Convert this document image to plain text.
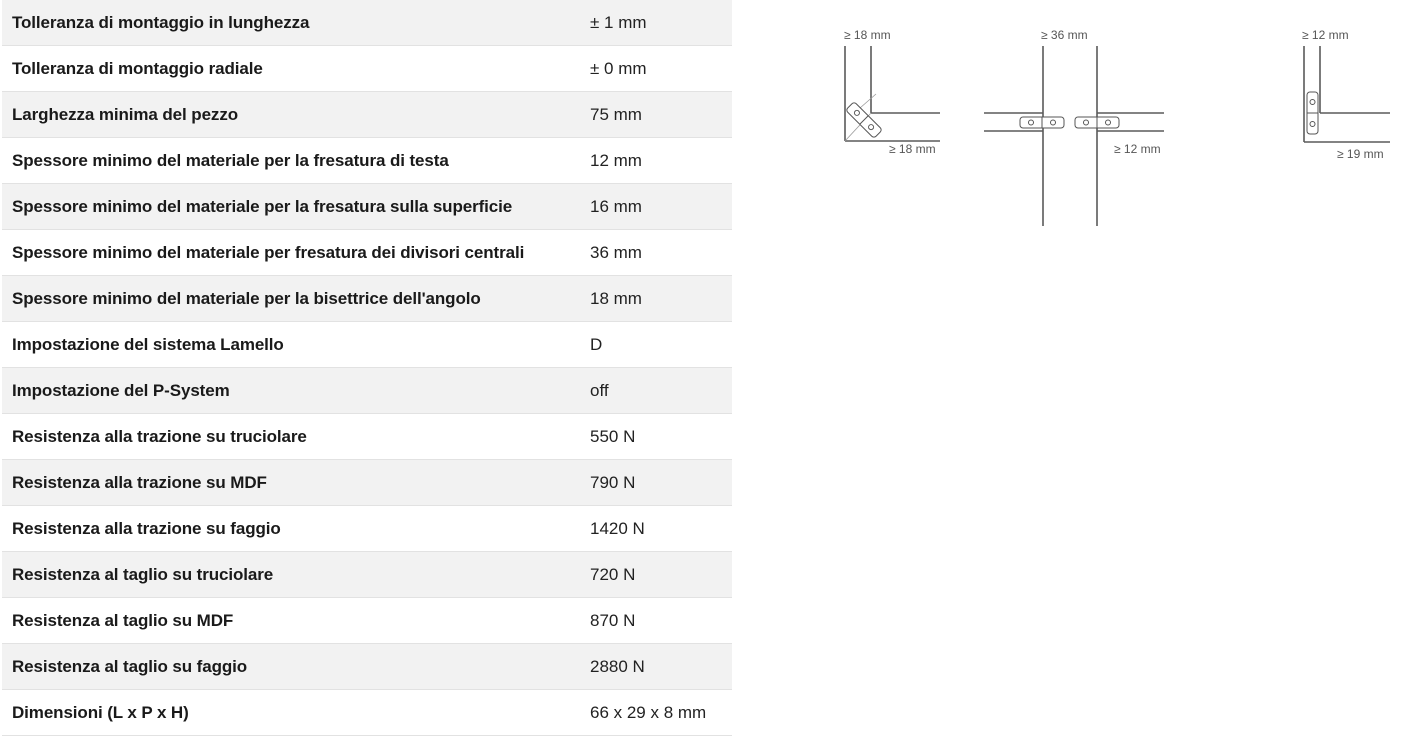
Tolleranza di montaggio in lunghezza	± 1 mm
Tolleranza di montaggio radiale	± 0 mm
Larghezza minima del pezzo	75 mm
Spessore minimo del materiale per la fresatura di testa	12 mm
Spessore minimo del materiale per la fresatura sulla superficie	16 mm
Spessore minimo del materiale per fresatura dei divisori centrali	36 mm
Spessore minimo del materiale per la bisettrice dell'angolo	18 mm
Impostazione del sistema Lamello	D
Impostazione del P-System	off
Resistenza alla trazione su truciolare	550 N
Resistenza alla trazione su MDF	790 N
Resistenza alla trazione su faggio	1420 N
Resistenza al taglio su truciolare	720 N
Resistenza al taglio su MDF	870 N
Resistenza al taglio su faggio	2880 N
Dimensioni (L x P x H)	66 x 29 x 8 mm
≥ 18 mm
≥ 18 mm
≥ 36 mm
≥ 12 mm
≥ 12 mm
≥ 19 mm
